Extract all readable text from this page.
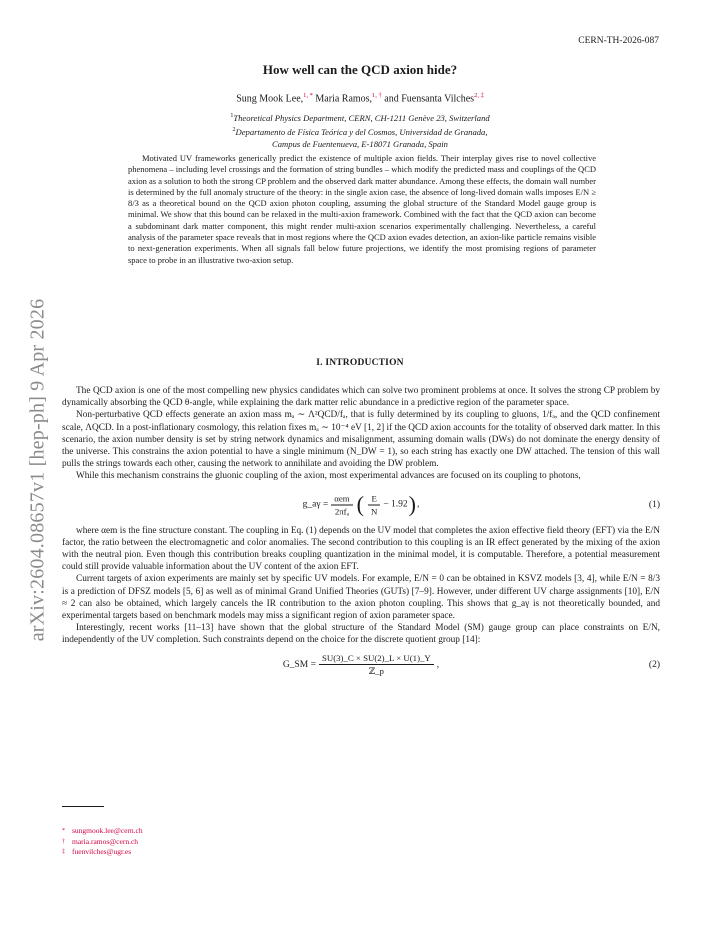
CERN-TH-2026-087
arXiv:2604.08657v1 [hep-ph] 9 Apr 2026
How well can the QCD axion hide?
Sung Mook Lee,$^{1, *}$ Maria Ramos,$^{1, \dagger}$ and Fuensanta Vilches$^{2, \ddagger}$
$^1$Theoretical Physics Department, CERN, CH-1211 Genève 23, Switzerland
$^2$Departamento de Física Teórica y del Cosmos, Universidad de Granada,
Campus de Fuentenueva, E-18071 Granada, Spain

Motivated UV frameworks generically predict the existence of multiple axion fields. Their interplay gives rise to novel collective phenomena – including level crossings and the formation of string bundles – which modify the predicted mass and couplings of the QCD axion as a solution to both the strong CP problem and the observed dark matter abundance. Among these effects, the domain wall number is determined by the full anomaly structure of the theory: in the single axion case, the absence of long-lived domain walls imposes E/N ≥ 8/3 as a theoretical bound on the QCD axion photon coupling, assuming the global structure of the Standard Model gauge group is minimal. We show that this bound can be relaxed in the multi-axion framework. Combined with the fact that the QCD axion can become a subdominant dark matter component, this might render multi-axion scenarios experimentally challenging. Nevertheless, a careful analysis of the parameter space reveals that in most regions where the QCD axion evades detection, an axion-like particle remains visible to next-generation experiments. When all signals fall below future projections, we identify the most promising regions of parameter space to probe in an illustrative two-axion setup.

I. INTRODUCTION

The QCD axion is one of the most compelling new physics candidates which can solve two prominent problems at once. It solves the strong CP problem by dynamically absorbing the QCD θ-angle, while explaining the dark matter relic abundance in a predictive region of the parameter space.

Non-perturbative QCD effects generate an axion mass mₐ ∼ Λ²QCD/fₐ, that is fully determined by its coupling to gluons, 1/fₐ, and the QCD confinement scale, ΛQCD. In a post-inflationary cosmology, this relation fixes mₐ ∼ 10⁻⁴ eV [1, 2] if the QCD axion accounts for the totality of observed dark matter. In this scenario, the axion number density is set by string network dynamics and misalignment, assuming domain walls (DWs) do not dominate the energy density of the universe. This constrains the axion potential to have a single minimum (N_DW = 1), so each string has exactly one DW attached. The tension of this wall pulls the strings towards each other, causing the network to annihilate and avoiding the DW problem.

While this mechanism constrains the gluonic coupling of the axion, most experimental advances are focused on its coupling to photons,

g_aγ = $\frac{\text{αem}}{\text{2πfₐ}}$ ( $\frac{E}{N} - 1.92$ ) ,	(1)

where αem is the fine structure constant. The coupling in Eq. (1) depends on the UV model that completes the axion effective field theory (EFT) via the E/N factor, the ratio between the electromagnetic and color anomalies. The second contribution to this coupling is an IR effect generated by the mixing of the axion with the neutral pion. Even though this contribution breaks coupling quantization in the minimal model, it is computable. Therefore, a potential measurement could still provide valuable information about the UV content of the axion EFT.

Current targets of axion experiments are mainly set by specific UV models. For example, E/N = 0 can be obtained in KSVZ models [3, 4], while E/N = 8/3 is a prediction of DFSZ models [5, 6] as well as of minimal Grand Unified Theories (GUTs) [7–9]. However, under different UV charge assignments [10], E/N ≈ 2 can also be obtained, which largely cancels the IR contribution to the axion photon coupling. This shows that g_aγ is not theoretically bounded, and experimental targets based on benchmark models may miss a significant region of axion parameter space.

Interestingly, recent works [11–13] have shown that the global structure of the Standard Model (SM) gauge group can place constraints on E/N, independently of the UV completion. Such constraints depend on the choice for the discrete quotient group [14]:

G_SM = $\frac{SU(3)\_C \times SU(2)\_L \times U(1)\_Y}{\text{ℤ\_p}}$ ,	(2)
* sungmook.lee@cern.ch
† maria.ramos@cern.ch
‡ fuenvilches@ugr.es
